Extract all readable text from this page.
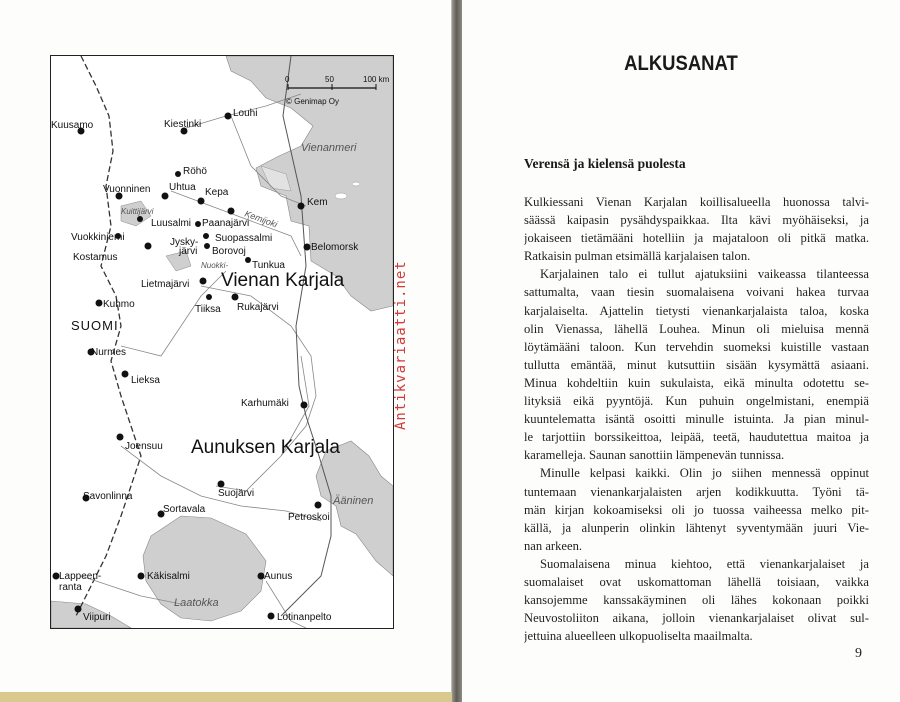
0	50	100 km
© Genimap Oy
Vienan Karjala
Aunuksen Karjala
SUOMI
Vienanmeri
Ääninen
Laatokka
Kemijoki
Kuittijärvi
Nuokki-
Kuusamo	Kiestinki
Louhi
Röhö
Uhtua Kepa
Vuonninen
Kem
Luusalmi Paanajärvi
Vuokkiniemi	Jysky-
järvi
Suopassalmi
Borovoj	Belomorsk
Kostamus
Tunkua
Lietmajärvi
Kuhmo	Tiiksa Rukajärvi
Nurmes
Lieksa
Karhumäki
Joensuu
Savonlinna	Suojärvi
Sortavala
Petroskoi
Lappeen-
ranta
Käkisalmi	Aunus
Viipuri	Lotinanpelto
Antikvariaatti.net
ALKUSANAT
Verensä ja kielensä puolesta
Kulkiessani Vienan Karjalan koillisalueella huonossa talvi-
säässä kaipasin pysähdyspaikkaa. Ilta kävi myöhäiseksi, ja
jokaiseen tietämääni hotelliin ja majataloon oli pitkä matka.
Ratkaisin pulman etsimällä karjalaisen talon.
Karjalainen talo ei tullut ajatuksiini vaikeassa tilanteessa
sattumalta, vaan tiesin suomalaisena voivani hakea turvaa
karjalaiselta. Ajattelin tietysti vienankarjalaista taloa, koska
olin Vienassa, lähellä Louhea. Minun oli mieluisa mennä
löytämääni taloon. Kun tervehdin suomeksi kuistille vastaan
tullutta emäntää, minut kutsuttiin sisään kysymättä asiaani.
Minua kohdeltiin kuin sukulaista, eikä minulta odotettu se-
lityksiä eikä pyyntöjä. Kun puhuin ongelmistani, enempiä
kuuntelematta isäntä osoitti minulle istuinta. Ja pian minul-
le tarjottiin borssikeittoa, leipää, teetä, haudutettua maitoa ja
karamelleja. Saunan sanottiin lämpenevän tunnissa.
Minulle kelpasi kaikki. Olin jo siihen mennessä oppinut
tuntemaan vienankarjalaisten arjen kodikkuutta. Työni tä-
män kirjan kokoamiseksi oli jo tuossa vaiheessa melko pit-
källä, ja alunperin olinkin lähtenyt syventymään juuri Vie-
nan arkeen.
Suomalaisena minua kiehtoo, että vienankarjalaiset ja
suomalaiset ovat uskomattoman lähellä toisiaan, vaikka
kansojemme kanssakäyminen oli lähes kokonaan poikki
Neuvostoliiton aikana, jolloin vienankarjalaiset olivat sul-
jettuina alueelleen ulkopuoliselta maailmalta.
9
